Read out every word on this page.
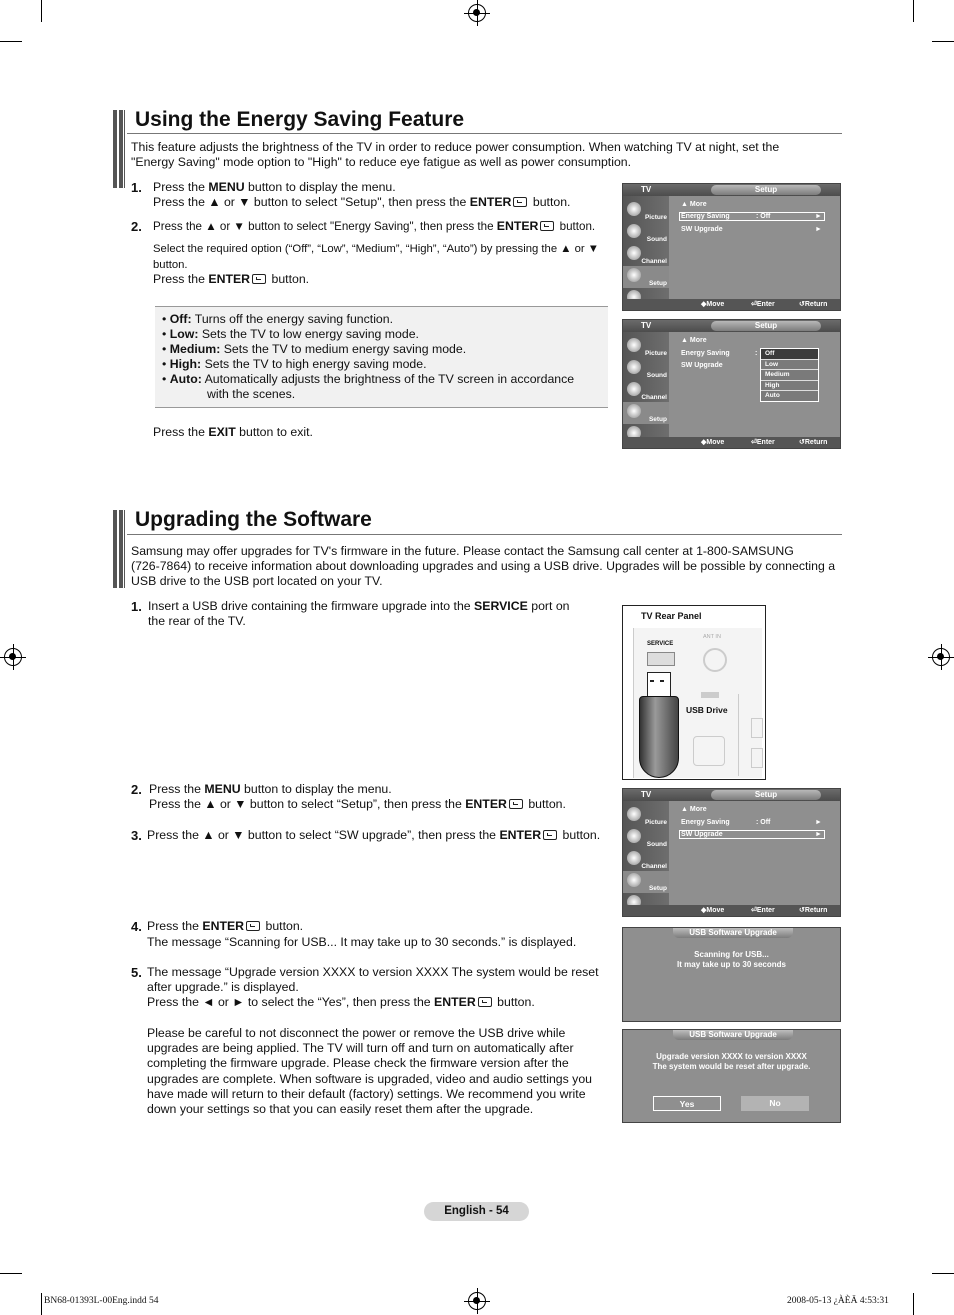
Using the Energy Saving Feature
This feature adjusts the brightness of the TV in order to reduce power consumption. When watching TV at night, set the
"Energy Saving" mode option to "High" to reduce eye fatigue as well as power consumption.
1. Press the MENU button to display the menu.
Press the ▲ or ▼ button to select "Setup", then press the ENTER button.
2. Press the ▲ or ▼ button to select "Energy Saving", then press the ENTER button.
Select the required option (“Off”, “Low”, “Medium”, “High”, “Auto”) by pressing the ▲ or ▼
button.
Press the ENTER button.
• Off: Turns off the energy saving function.
• Low: Sets the TV to low energy saving mode.
• Medium: Sets the TV to medium energy saving mode.
• High: Sets the TV to high energy saving mode.
• Auto: Automatically adjusts the brightness of the TV screen in accordance
with the scenes.
Press the EXIT button to exit.
TV	Setup
Picture
Sound
Channel
Setup
▲ More
Energy Saving	: Off	►
SW Upgrade	►
◆ Move	⏎ Enter	↺ Return
TV	Setup
Picture
Sound
Channel
Setup
▲ More
Energy Saving	:
SW Upgrade
Off
Low
Medium
High
Auto
◆ Move	⏎ Enter	↺ Return
Upgrading the Software
Samsung may offer upgrades for TV's firmware in the future. Please contact the Samsung call center at 1-800-SAMSUNG
(726-7864) to receive information about downloading upgrades and using a USB drive. Upgrades will be possible by connecting a
USB drive to the USB port located on your TV.
1. Insert a USB drive containing the firmware upgrade into the SERVICE port on
the rear of the TV.	TV Rear Panel
SERVICE
ANT IN
USB Drive
2. Press the MENU button to display the menu.
Press the ▲ or ▼ button to select “Setup”, then press the ENTER button.
3. Press the ▲ or ▼ button to select “SW upgrade”, then press the ENTER button.
TV	Setup
Picture
Sound
Channel
Setup
▲ More
Energy Saving	: Off	►
SW Upgrade	►
◆ Move	⏎ Enter	↺ Return
4. Press the ENTER button.
The message “Scanning for USB... It may take up to 30 seconds.” is displayed.
5. The message “Upgrade version XXXX to version XXXX The system would be reset
after upgrade.” is displayed.
Press the ◄ or ► to select the “Yes”, then press the ENTER button.
Please be careful to not disconnect the power or remove the USB drive while
upgrades are being applied. The TV will turn off and turn on automatically after
completing the firmware upgrade. Please check the firmware version after the
upgrades are complete. When software is upgraded, video and audio settings you
have made will return to their default (factory) settings. We recommend you write
down your settings so that you can easily reset them after the upgrade.
USB Software Upgrade
Scanning for USB...
It may take up to 30 seconds
USB Software Upgrade
Upgrade version XXXX to version XXXX
The system would be reset after upgrade.
Yes	No
English - 54
BN68-01393L-00Eng.indd 54	2008-05-13 ¿ÀÈÄ 4:53:31
